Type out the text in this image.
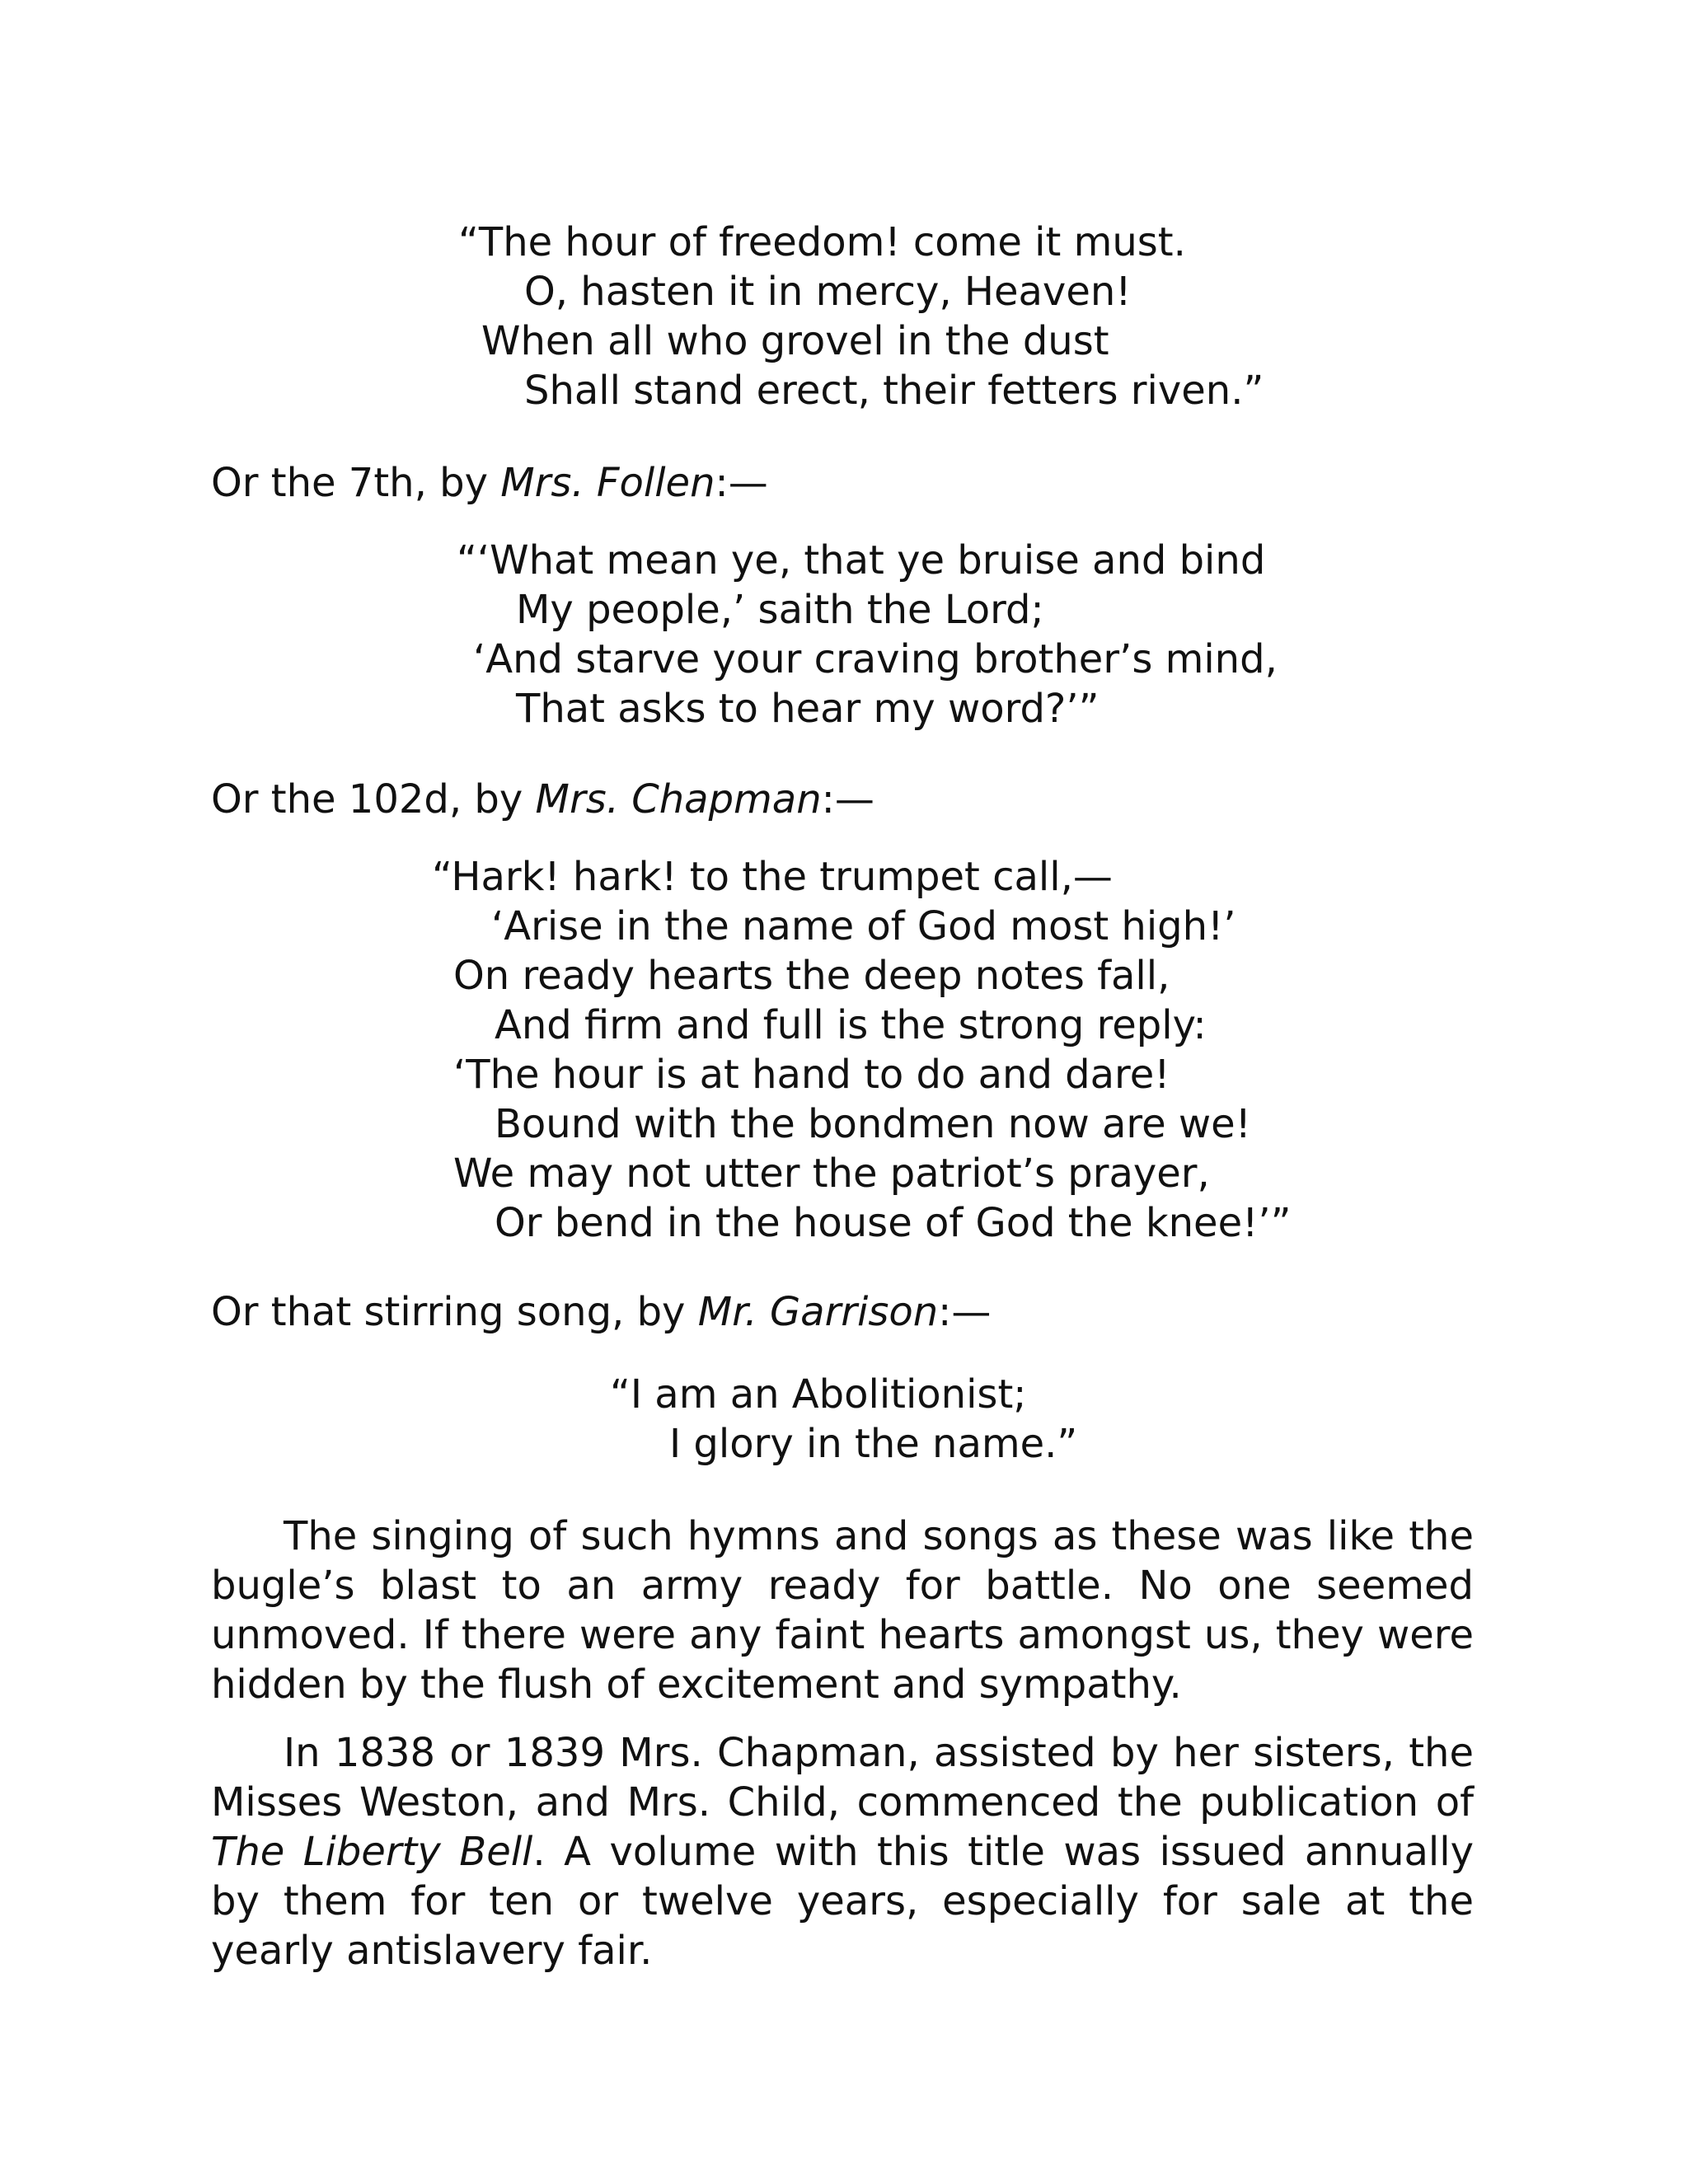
“The hour of freedom! come it must.
O, hasten it in mercy, Heaven!
When all who grovel in the dust
Shall stand erect, their fetters riven.”
Or the 7th, by Mrs. Follen:—
“‘What mean ye, that ye bruise and bind
My people,’ saith the Lord;
‘And starve your craving brother’s mind,
That asks to hear my word?’”
Or the 102d, by Mrs. Chapman:—
“Hark! hark! to the trumpet call,—
‘Arise in the name of God most high!’
On ready hearts the deep notes fall,
And firm and full is the strong reply:
‘The hour is at hand to do and dare!
Bound with the bondmen now are we!
We may not utter the patriot’s prayer,
Or bend in the house of God the knee!’”
Or that stirring song, by Mr. Garrison:—
“I am an Abolitionist;
I glory in the name.”

The singing of such hymns and songs as these was like the bugle’s blast to an army ready for battle. No one seemed unmoved. If there were any faint hearts amongst us, they were hidden by the flush of excitement and sympathy.

In 1838 or 1839 Mrs. Chapman, assisted by her sisters, the Misses Weston, and Mrs. Child, commenced the publication of The Liberty Bell. A volume with this title was issued annually by them for ten or twelve years, especially for sale at the yearly antislavery fair.
